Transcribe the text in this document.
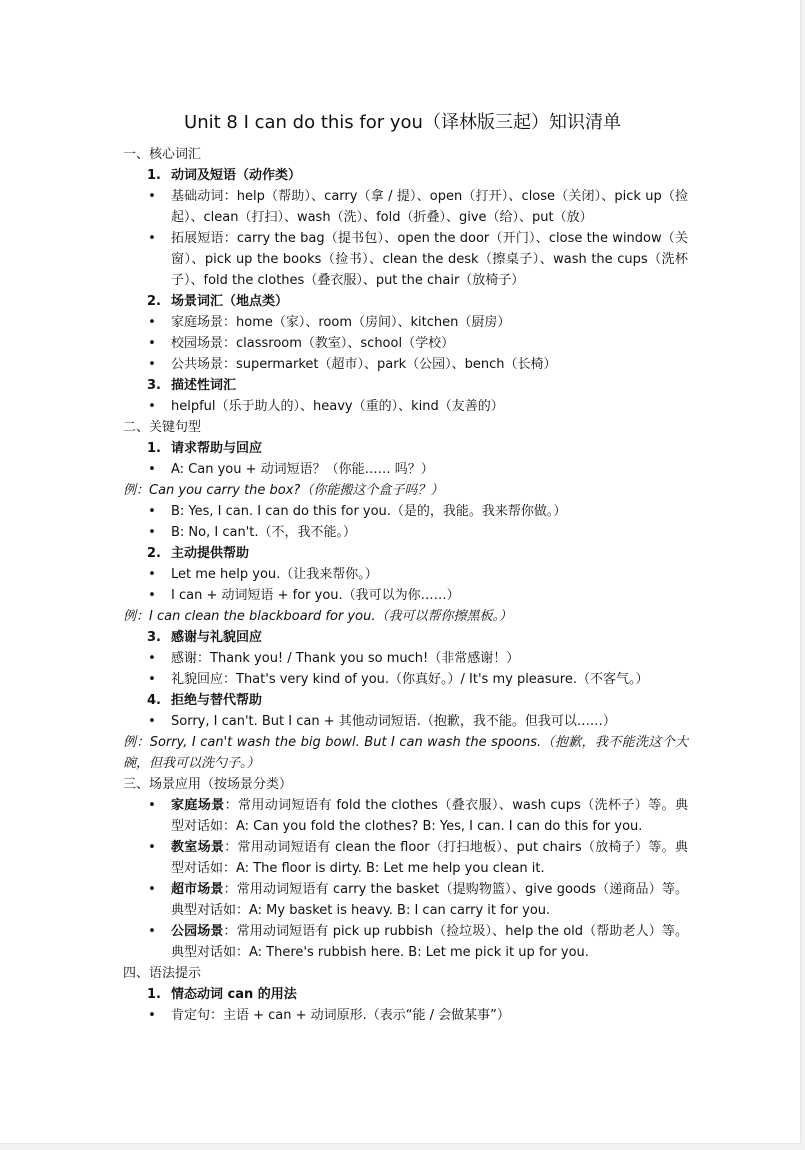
Unit 8 I can do this for you（译林版三起）知识清单
一、核心词汇
1. 动词及短语（动作类）
• 基础动词：help（帮助）、carry（拿 / 提）、open（打开）、close（关闭）、pick up（捡起）、clean（打扫）、wash（洗）、fold（折叠）、give（给）、put（放）
• 拓展短语：carry the bag（提书包）、open the door（开门）、close the window（关窗）、pick up the books（捡书）、clean the desk（擦桌子）、wash the cups（洗杯子）、fold the clothes（叠衣服）、put the chair（放椅子）
2. 场景词汇（地点类）
• 家庭场景：home（家）、room（房间）、kitchen（厨房）
• 校园场景：classroom（教室）、school（学校）
• 公共场景：supermarket（超市）、park（公园）、bench（长椅）
3. 描述性词汇
• helpful（乐于助人的）、heavy（重的）、kind（友善的）
二、关键句型
1. 请求帮助与回应
• A: Can you + 动词短语？（你能…… 吗？）
例：Can you carry the box?（你能搬这个盒子吗？）
• B: Yes, I can. I can do this for you.（是的，我能。我来帮你做。）
• B: No, I can't.（不，我不能。）
2. 主动提供帮助
• Let me help you.（让我来帮你。）
• I can + 动词短语 + for you.（我可以为你……）
例：I can clean the blackboard for you.（我可以帮你擦黑板。）
3. 感谢与礼貌回应
• 感谢：Thank you! / Thank you so much!（非常感谢！）
• 礼貌回应：That's very kind of you.（你真好。）/ It's my pleasure.（不客气。）
4. 拒绝与替代帮助
• Sorry, I can't. But I can + 其他动词短语.（抱歉，我不能。但我可以……）
例：Sorry, I can't wash the big bowl. But I can wash the spoons.（抱歉，我不能洗这个大碗，但我可以洗勺子。）
三、场景应用（按场景分类）
• 家庭场景：常用动词短语有 fold the clothes（叠衣服）、wash cups（洗杯子）等。典型对话如：A: Can you fold the clothes? B: Yes, I can. I can do this for you.
• 教室场景：常用动词短语有 clean the floor（打扫地板）、put chairs（放椅子）等。典型对话如：A: The floor is dirty. B: Let me help you clean it.
• 超市场景：常用动词短语有 carry the basket（提购物篮）、give goods（递商品）等。典型对话如：A: My basket is heavy. B: I can carry it for you.
• 公园场景：常用动词短语有 pick up rubbish（捡垃圾）、help the old（帮助老人）等。典型对话如：A: There's rubbish here. B: Let me pick it up for you.
四、语法提示
1. 情态动词 can 的用法
• 肯定句：主语 + can + 动词原形.（表示“能 / 会做某事”）
